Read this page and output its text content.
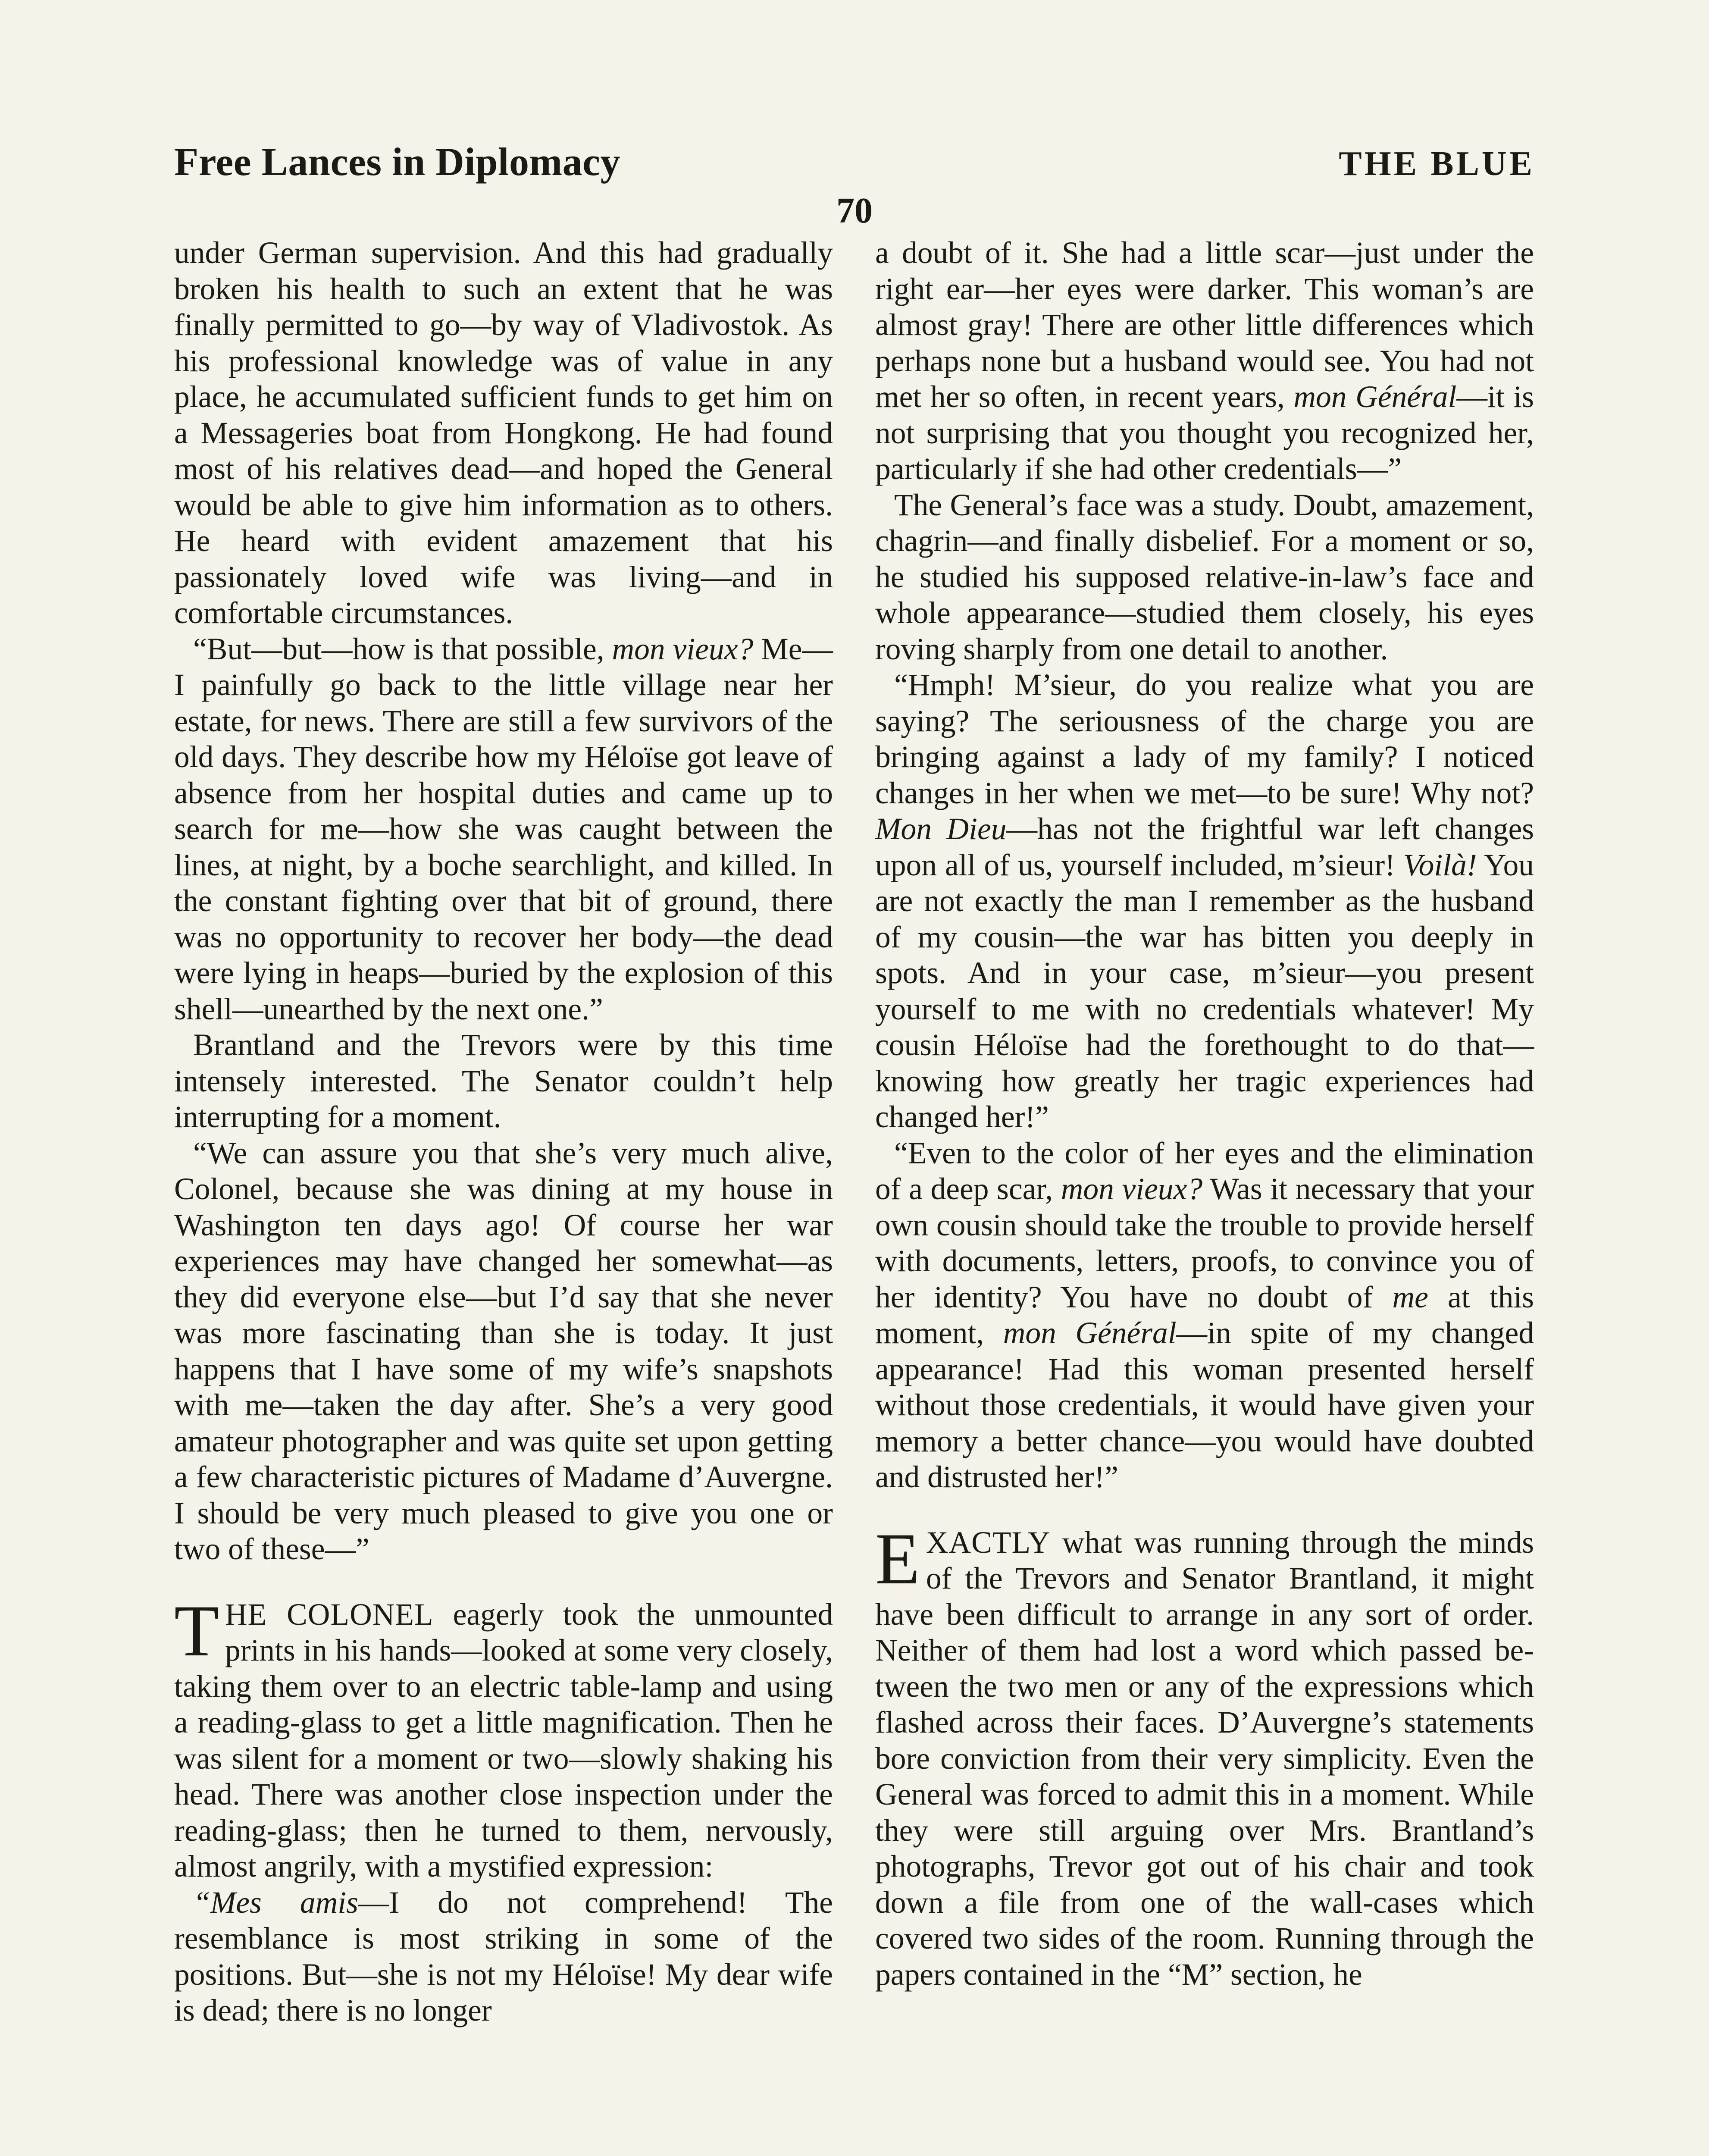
Free Lances in Diplomacy	THE BLUE
70

under German supervision. And this had gradually broken his health to such an extent that he was finally permitted to go—by way of Vladivostok. As his professional knowledge was of value in any place, he accumulated sufficient funds to get him on a Messageries boat from Hongkong. He had found most of his relatives dead—and hoped the General would be able to give him information as to others. He heard with evident amazement that his passionately loved wife was living—and in comfortable circumstances.

“But—but—how is that possible, mon vieux? Me—I painfully go back to the little village near her estate, for news. There are still a few survivors of the old days. They describe how my Héloïse got leave of absence from her hospital duties and came up to search for me—how she was caught between the lines, at night, by a boche searchlight, and killed. In the constant fighting over that bit of ground, there was no opportunity to recover her body—the dead were lying in heaps—buried by the explosion of this shell—unearthed by the next one.”

Brantland and the Trevors were by this time intensely interested. The Senator couldn’t help interrupting for a moment.

“We can assure you that she’s very much alive, Colonel, because she was dining at my house in Washington ten days ago! Of course her war experiences may have changed her somewhat—as they did everyone else—but I’d say that she never was more fascinating than she is today. It just happens that I have some of my wife’s snapshots with me—taken the day after. She’s a very good amateur photographer and was quite set upon getting a few characteristic pictures of Madame d’Auvergne. I should be very much pleased to give you one or two of these—”

THE COLONEL eagerly took the unmounted prints in his hands—looked at some very closely, taking them over to an electric table-lamp and using a reading-glass to get a little magnification. Then he was silent for a moment or two—slowly shaking his head. There was another close inspection under the reading-glass; then he turned to them, nervously, almost angrily, with a mystified expression:

“Mes amis—I do not comprehend! The resemblance is most striking in some of the positions. But—she is not my Héloïse! My dear wife is dead; there is no longer

a doubt of it. She had a little scar—just under the right ear—her eyes were darker. This woman’s are almost gray! There are other little differences which perhaps none but a husband would see. You had not met her so often, in recent years, mon Général—it is not surprising that you thought you recognized her, particularly if she had other credentials—”

The General’s face was a study. Doubt, amazement, chagrin—and finally disbelief. For a moment or so, he studied his supposed relative-in-law’s face and whole appearance—studied them closely, his eyes roving sharply from one detail to another.

“Hmph! M’sieur, do you realize what you are saying? The seriousness of the charge you are bringing against a lady of my family? I noticed changes in her when we met—to be sure! Why not? Mon Dieu—has not the frightful war left changes upon all of us, yourself included, m’sieur! Voilà! You are not exactly the man I remember as the husband of my cousin—the war has bitten you deeply in spots. And in your case, m’sieur—you present yourself to me with no credentials whatever! My cousin Héloïse had the forethought to do that—knowing how greatly her tragic experiences had changed her!”

“Even to the color of her eyes and the elimination of a deep scar, mon vieux? Was it necessary that your own cousin should take the trouble to provide herself with documents, letters, proofs, to convince you of her identity? You have no doubt of me at this moment, mon Général—in spite of my changed appearance! Had this woman presented herself without those credentials, it would have given your memory a better chance—you would have doubted and distrusted her!”

EXACTLY what was running through the minds of the Trevors and Senator Brantland, it might have been difficult to arrange in any sort of order. Neither of them had lost a word which passed between the two men or any of the expressions which flashed across their faces. D’Auvergne’s statements bore conviction from their very simplicity. Even the General was forced to admit this in a moment. While they were still arguing over Mrs. Brantland’s photographs, Trevor got out of his chair and took down a file from one of the wall-cases which covered two sides of the room. Running through the papers contained in the “M” section, he
